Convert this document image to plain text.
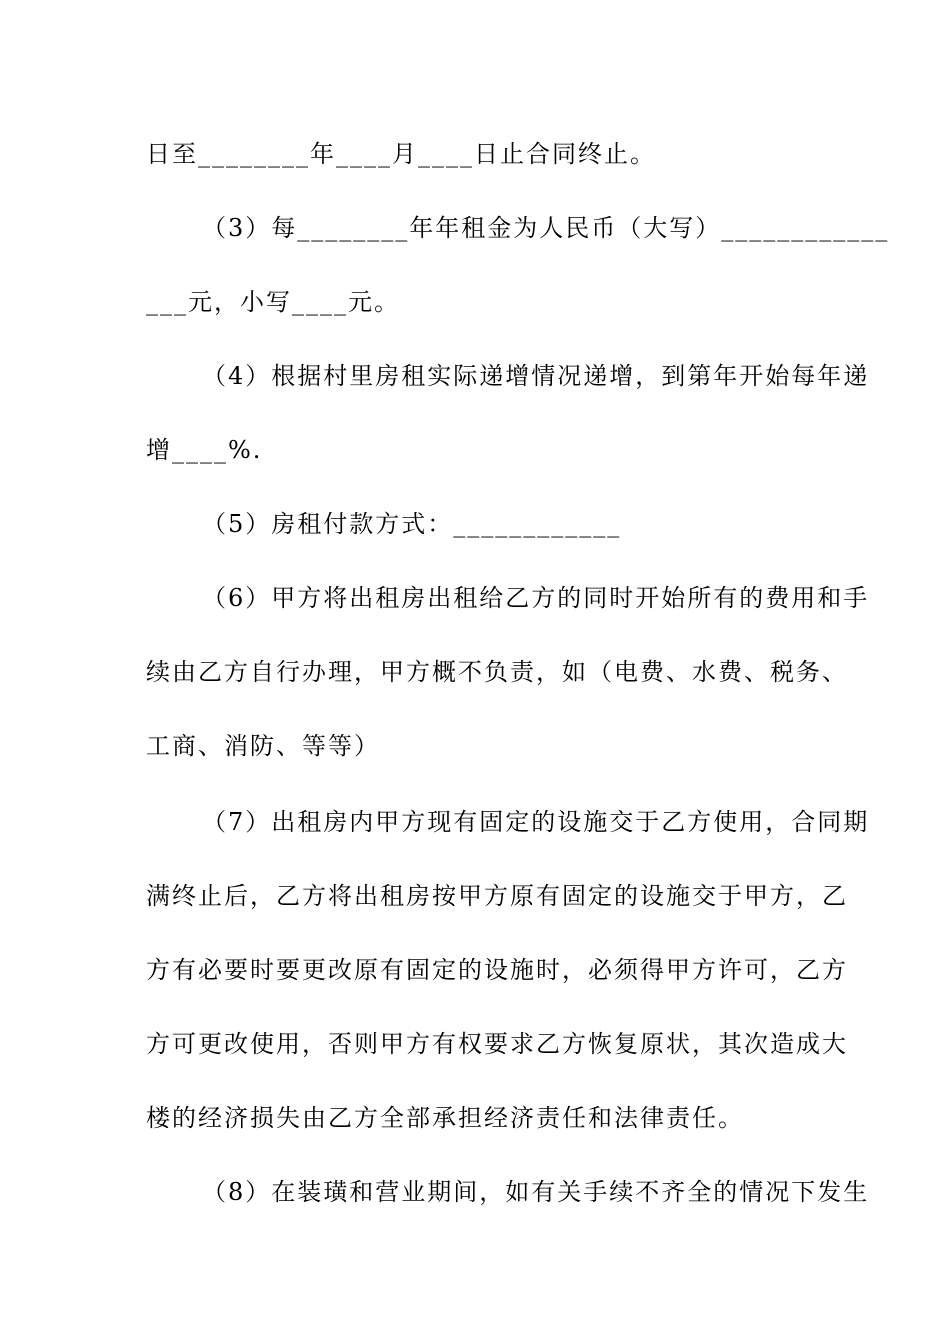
日至________年____月____日止合同终止。
（3）每________年年租金为人民币（大写）____________
___元，小写____元。
（4）根据村里房租实际递增情况递增，到第年开始每年递
增____%.
（5）房租付款方式：____________
（6）甲方将出租房出租给乙方的同时开始所有的费用和手
续由乙方自行办理，甲方概不负责，如（电费、水费、税务、
工商、消防、等等）
（7）出租房内甲方现有固定的设施交于乙方使用，合同期
满终止后，乙方将出租房按甲方原有固定的设施交于甲方，乙
方有必要时要更改原有固定的设施时，必须得甲方许可，乙方
方可更改使用，否则甲方有权要求乙方恢复原状，其次造成大
楼的经济损失由乙方全部承担经济责任和法律责任。
（8）在装璜和营业期间，如有关手续不齐全的情况下发生
